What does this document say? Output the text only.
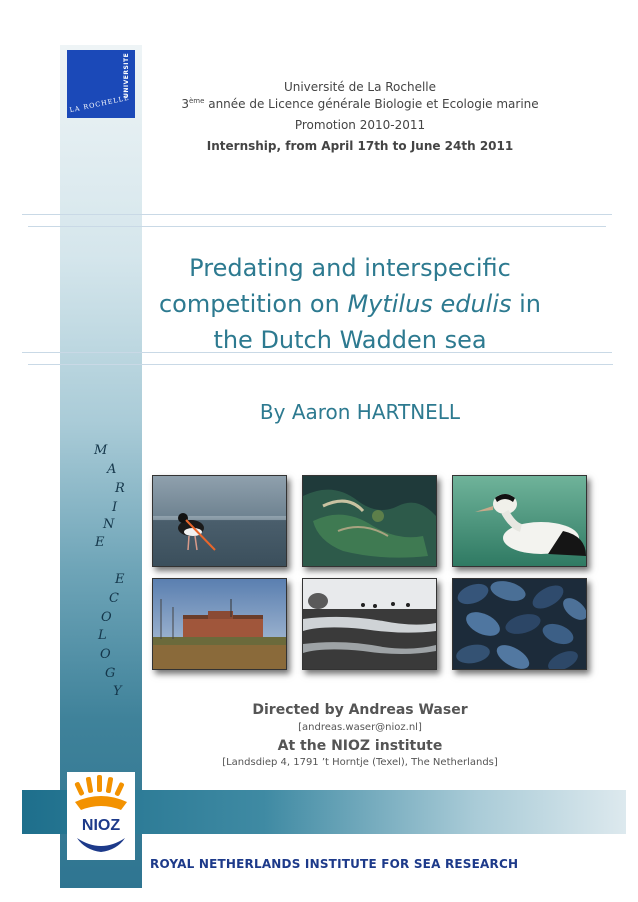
UNIVERSITE
LA ROCHELLE
Université de La Rochelle
3ème année de Licence générale Biologie et Ecologie marine
Promotion 2010-2011
Internship, from April 17th to June 24th 2011
Predating and interspecific
competition on Mytilus edulis in
the Dutch Wadden sea
By Aaron HARTNELL
M
A
R
I
N
E
E
C
O
L
O
G
Y
Directed by Andreas Waser
[andreas.waser@nioz.nl]
At the NIOZ institute
[Landsdiep 4, 1791 ’t Horntje (Texel), The Netherlands]
NIOZ
ROYAL NETHERLANDS INSTITUTE FOR SEA RESEARCH
